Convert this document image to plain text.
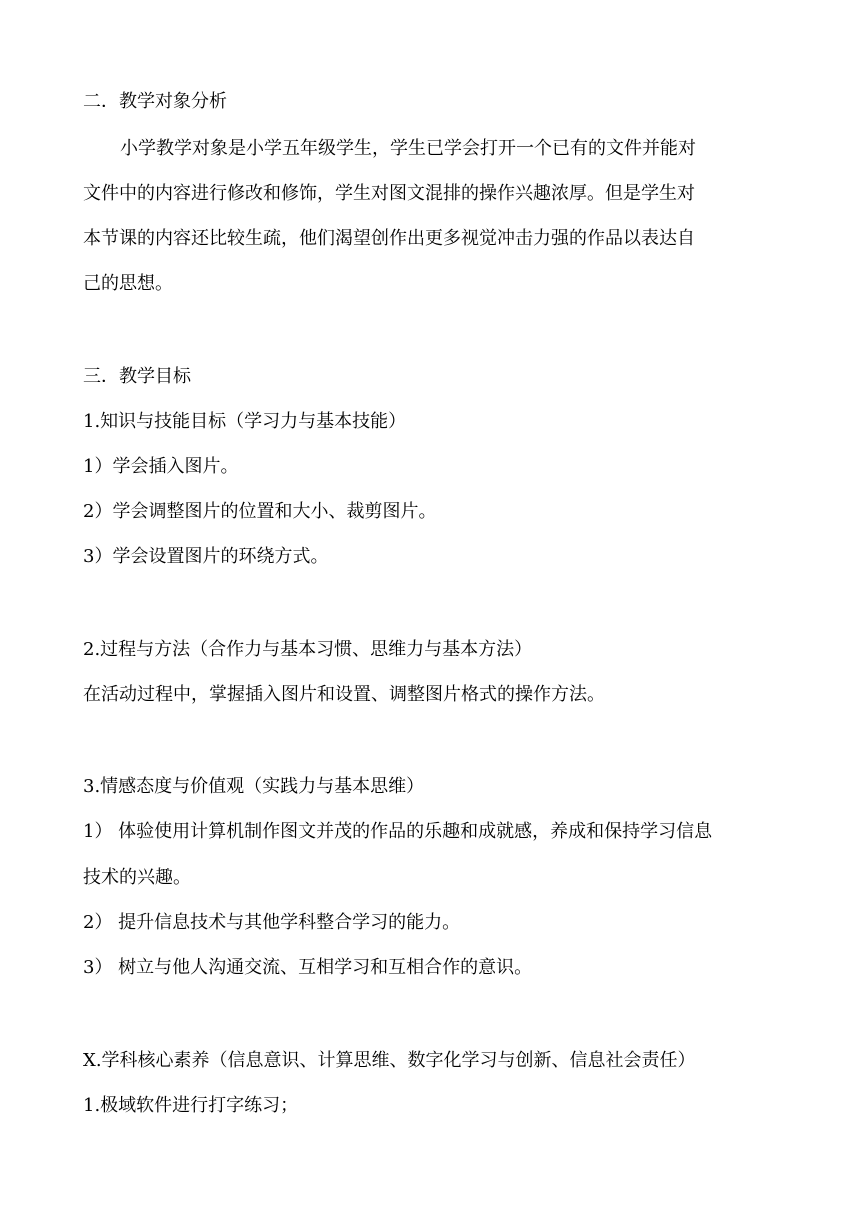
二．教学对象分析
小学教学对象是小学五年级学生，学生已学会打开一个已有的文件并能对
文件中的内容进行修改和修饰，学生对图文混排的操作兴趣浓厚。但是学生对
本节课的内容还比较生疏，他们渴望创作出更多视觉冲击力强的作品以表达自
己的思想。
三．教学目标
1.知识与技能目标（学习力与基本技能）
1）学会插入图片。
2）学会调整图片的位置和大小、裁剪图片。
3）学会设置图片的环绕方式。
2.过程与方法（合作力与基本习惯、思维力与基本方法）
在活动过程中，掌握插入图片和设置、调整图片格式的操作方法。
3.情感态度与价值观（实践力与基本思维）
1） 体验使用计算机制作图文并茂的作品的乐趣和成就感，养成和保持学习信息
技术的兴趣。
2） 提升信息技术与其他学科整合学习的能力。
3） 树立与他人沟通交流、互相学习和互相合作的意识。
X.学科核心素养（信息意识、计算思维、数字化学习与创新、信息社会责任）
1.极域软件进行打字练习；
